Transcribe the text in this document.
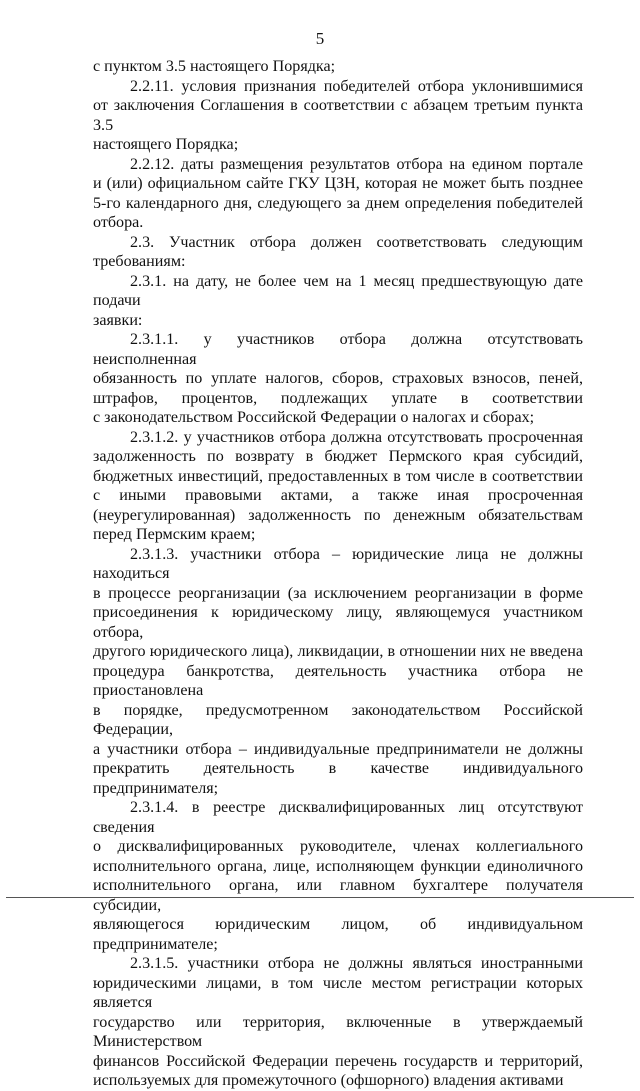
5
с пунктом 3.5 настоящего Порядка;
2.2.11. условия признания победителей отбора уклонившимися
от заключения Соглашения в соответствии с абзацем третьим пункта 3.5
настоящего Порядка;
2.2.12. даты размещения результатов отбора на едином портале
и (или) официальном сайте ГКУ ЦЗН, которая не может быть позднее
5-го календарного дня, следующего за днем определения победителей
отбора.
2.3. Участник отбора должен соответствовать следующим
требованиям:
2.3.1. на дату, не более чем на 1 месяц предшествующую дате подачи
заявки:
2.3.1.1. у участников отбора должна отсутствовать неисполненная
обязанность по уплате налогов, сборов, страховых взносов, пеней,
штрафов, процентов, подлежащих уплате в соответствии
с законодательством Российской Федерации о налогах и сборах;
2.3.1.2. у участников отбора должна отсутствовать просроченная
задолженность по возврату в бюджет Пермского края субсидий,
бюджетных инвестиций, предоставленных в том числе в соответствии
с иными правовыми актами, а также иная просроченная
(неурегулированная) задолженность по денежным обязательствам
перед Пермским краем;
2.3.1.3. участники отбора – юридические лица не должны находиться
в процессе реорганизации (за исключением реорганизации в форме
присоединения к юридическому лицу, являющемуся участником отбора,
другого юридического лица), ликвидации, в отношении них не введена
процедура банкротства, деятельность участника отбора не приостановлена
в порядке, предусмотренном законодательством Российской Федерации,
а участники отбора – индивидуальные предприниматели не должны
прекратить деятельность в качестве индивидуального предпринимателя;
2.3.1.4. в реестре дисквалифицированных лиц отсутствуют сведения
о дисквалифицированных руководителе, членах коллегиального
исполнительного органа, лице, исполняющем функции единоличного
исполнительного органа, или главном бухгалтере получателя субсидии,
являющегося юридическим лицом, об индивидуальном предпринимателе;
2.3.1.5. участники отбора не должны являться иностранными
юридическими лицами, в том числе местом регистрации которых является
государство или территория, включенные в утверждаемый Министерством
финансов Российской Федерации перечень государств и территорий,
используемых для промежуточного (офшорного) владения активами
